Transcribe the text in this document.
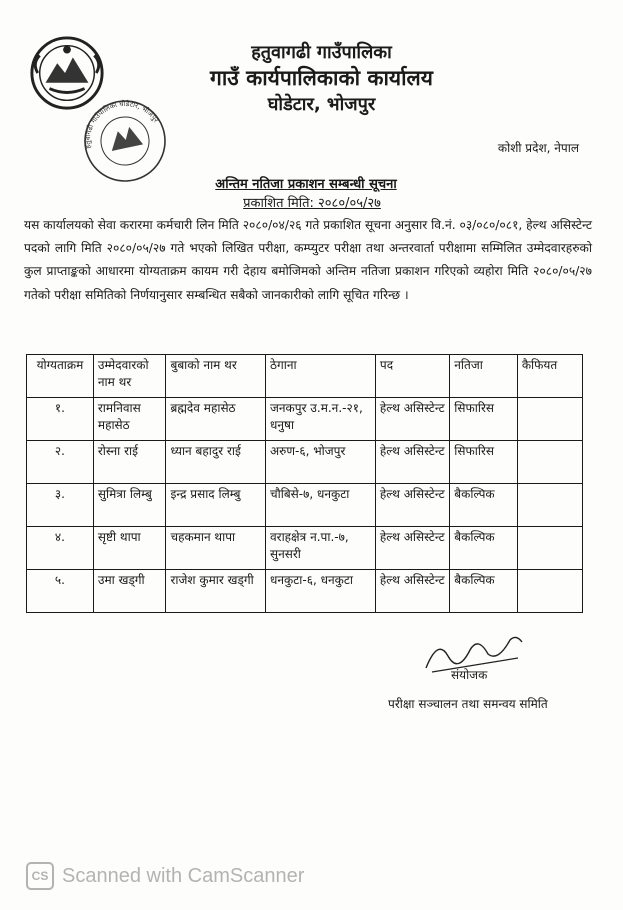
हतुवागढी गाउँपालिका घोडेटार, भोजपुर
हतुवागढी गाउँपालिका
गाउँ कार्यपालिकाको कार्यालय
घोडेटार, भोजपुर
कोशी प्रदेश, नेपाल
अन्तिम नतिजा प्रकाशन सम्बन्धी सूचना
प्रकाशित मिति: २०८०/०५/२७
यस कार्यालयको सेवा करारमा कर्मचारी लिन मिति २०८०/०४/२६ गते प्रकाशित सूचना अनुसार वि.नं. ०३/०८०/०८१, हेल्थ असिस्टेन्ट पदको लागि मिति २०८०/०५/२७ गते भएको लिखित परीक्षा, कम्प्युटर परीक्षा तथा अन्तरवार्ता परीक्षामा सम्मिलित उम्मेदवारहरुको कुल प्राप्ताङ्कको आधारमा योग्यताक्रम कायम गरी देहाय बमोजिमको अन्तिम नतिजा प्रकाशन गरिएको व्यहोरा मिति २०८०/०५/२७ गतेको परीक्षा समितिको निर्णयानुसार सम्बन्धित सबैको जानकारीको लागि सूचित गरिन्छ ।
योग्यताक्रम	उम्मेदवारको नाम थर	बुबाको नाम थर	ठेगाना	पद	नतिजा	कैफियत
१.	रामनिवास महासेठ	ब्रह्मदेव महासेठ	जनकपुर उ.म.न.-२१, धनुषा	हेल्थ असिस्टेन्ट	सिफारिस	
२.	रोस्ना राई	ध्यान बहादुर राई	अरुण-६, भोजपुर	हेल्थ असिस्टेन्ट	सिफारिस	
३.	सुमित्रा लिम्बु	इन्द्र प्रसाद लिम्बु	चौबिसे-७, धनकुटा	हेल्थ असिस्टेन्ट	बैकल्पिक	
४.	सृष्टी थापा	चहकमान थापा	वराहक्षेत्र न.पा.-७, सुनसरी	हेल्थ असिस्टेन्ट	बैकल्पिक	
५.	उमा खड्गी	राजेश कुमार खड्गी	धनकुटा-६, धनकुटा	हेल्थ असिस्टेन्ट	बैकल्पिक	
संयोजक
परीक्षा सञ्चालन तथा समन्वय समिति
CS Scanned with CamScanner
